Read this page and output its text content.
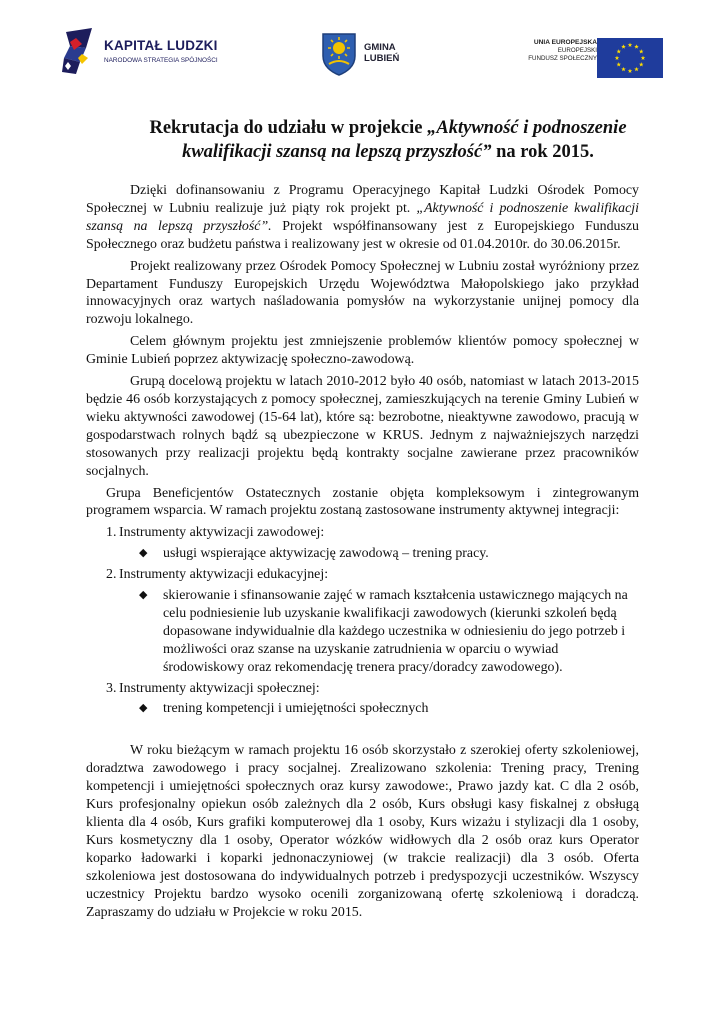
KAPITAŁ LUDZKI
NARODOWA STRATEGIA SPÓJNOŚCI
GMINA
LUBIEŃ
UNIA EUROPEJSKA
EUROPEJSKI
FUNDUSZ SPOŁECZNY
Rekrutacja do udziału w projekcie „Aktywność i podnoszenie kwalifikacji szansą na lepszą przyszłość” na rok 2015.

Dzięki dofinansowaniu z Programu Operacyjnego Kapitał Ludzki Ośrodek Pomocy Społecznej w Lubniu realizuje już piąty rok projekt pt. „Aktywność i podnoszenie kwalifikacji szansą na lepszą przyszłość”. Projekt współfinansowany jest z Europejskiego Funduszu Społecznego oraz budżetu państwa i realizowany jest w okresie od 01.04.2010r. do 30.06.2015r.

Projekt realizowany przez Ośrodek Pomocy Społecznej w Lubniu został wyróżniony przez Departament Funduszy Europejskich Urzędu Województwa Małopolskiego jako przykład innowacyjnych oraz wartych naśladowania pomysłów na wykorzystanie unijnej pomocy dla rozwoju lokalnego.

Celem głównym projektu jest zmniejszenie problemów klientów pomocy społecznej w Gminie Lubień poprzez aktywizację społeczno-zawodową.

Grupą docelową projektu w latach 2010-2012 było 40 osób, natomiast w latach 2013-2015 będzie 46 osób korzystających z pomocy społecznej, zamieszkujących na terenie Gminy Lubień w wieku aktywności zawodowej (15-64 lat), które są: bezrobotne, nieaktywne zawodowo, pracują w gospodarstwach rolnych bądź są ubezpieczone w KRUS. Jednym z najważniejszych narzędzi stosowanych przy realizacji projektu będą kontrakty socjalne zawierane przez pracowników socjalnych.

Grupa Beneficjentów Ostatecznych zostanie objęta kompleksowym i zintegrowanym programem wsparcia. W ramach projektu zostaną zastosowane instrumenty aktywnej integracji:

1. Instrumenty aktywizacji zawodowej:
◆ usługi wspierające aktywizację zawodową – trening pracy.
2. Instrumenty aktywizacji edukacyjnej:
◆ skierowanie i sfinansowanie zajęć w ramach kształcenia ustawicznego mających na celu podniesienie lub uzyskanie kwalifikacji zawodowych (kierunki szkoleń będą dopasowane indywidualnie dla każdego uczestnika w odniesieniu do jego potrzeb i możliwości oraz szanse na uzyskanie zatrudnienia w oparciu o wywiad środowiskowy oraz rekomendację trenera pracy/doradcy zawodowego).
3. Instrumenty aktywizacji społecznej:
◆ trening kompetencji i umiejętności społecznych

W roku bieżącym w ramach projektu 16 osób skorzystało z szerokiej oferty szkoleniowej, doradztwa zawodowego i pracy socjalnej. Zrealizowano szkolenia: Trening pracy, Trening kompetencji i umiejętności społecznych oraz kursy zawodowe:, Prawo jazdy kat. C dla 2 osób, Kurs profesjonalny opiekun osób zależnych dla 2 osób, Kurs obsługi kasy fiskalnej z obsługą klienta dla 4 osób, Kurs grafiki komputerowej dla 1 osoby, Kurs wizażu i stylizacji dla 1 osoby, Kurs kosmetyczny dla 1 osoby, Operator wózków widłowych dla 2 osób oraz kurs Operator koparko ładowarki i koparki jednonaczyniowej (w trakcie realizacji) dla 3 osób. Oferta szkoleniowa jest dostosowana do indywidualnych potrzeb i predyspozycji uczestników. Wszyscy uczestnicy Projektu bardzo wysoko ocenili zorganizowaną ofertę szkoleniową i doradczą. Zapraszamy do udziału w Projekcie w roku 2015.
